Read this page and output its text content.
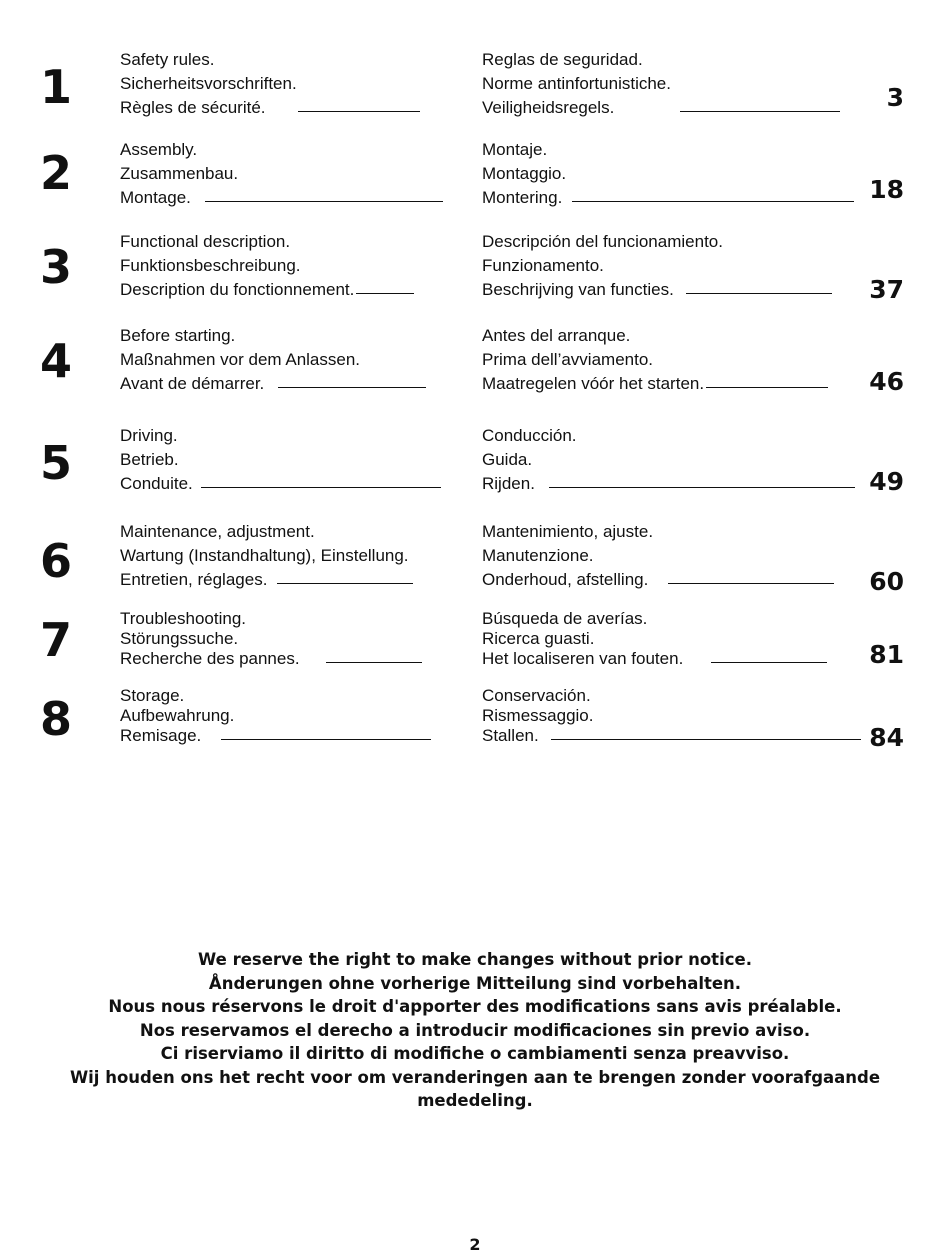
1
Safety rules.
Sicherheitsvorschriften.
Règles de sécurité.
Reglas de seguridad.
Norme antinfortunistiche.
Veiligheidsregels.	3
2	Assembly.
Zusammenbau.
Montage.
Montaje.
Montaggio.
Montering.	18
3	Functional description.
Funktionsbeschreibung.
Description du fonctionnement.
Descripción del funcionamiento.
Funzionamento.
Beschrijving van functies.	37
4	Before starting.
Maßnahmen vor dem Anlassen.
Avant de démarrer.
Antes del arranque.
Prima dell’avviamento.
Maatregelen vóór het starten.	46
5
Driving.
Betrieb.
Conduite.
Conducción.
Guida.
Rijden.	49
6
Maintenance, adjustment.
Wartung (Instandhaltung), Einstellung.
Entretien, réglages.
Mantenimiento, ajuste.
Manutenzione.
Onderhoud, afstelling.	60
7	Troubleshooting.
Störungssuche.
Recherche des pannes.
Búsqueda de averías.
Ricerca guasti.
Het localiseren van fouten.	81
8	Storage.
Aufbewahrung.
Remisage.
Conservación.
Rismessaggio.
Stallen.	84
We reserve the right to make changes without prior notice.
Ånderungen ohne vorherige Mitteilung sind vorbehalten.
Nous nous réservons le droit d'apporter des modifications sans avis préalable.
Nos reservamos el derecho a introducir modificaciones sin previo aviso.
Ci riserviamo il diritto di modifiche o cambiamenti senza preavviso.
Wij houden ons het recht voor om veranderingen aan te brengen zonder voorafgaande
mededeling.
2
